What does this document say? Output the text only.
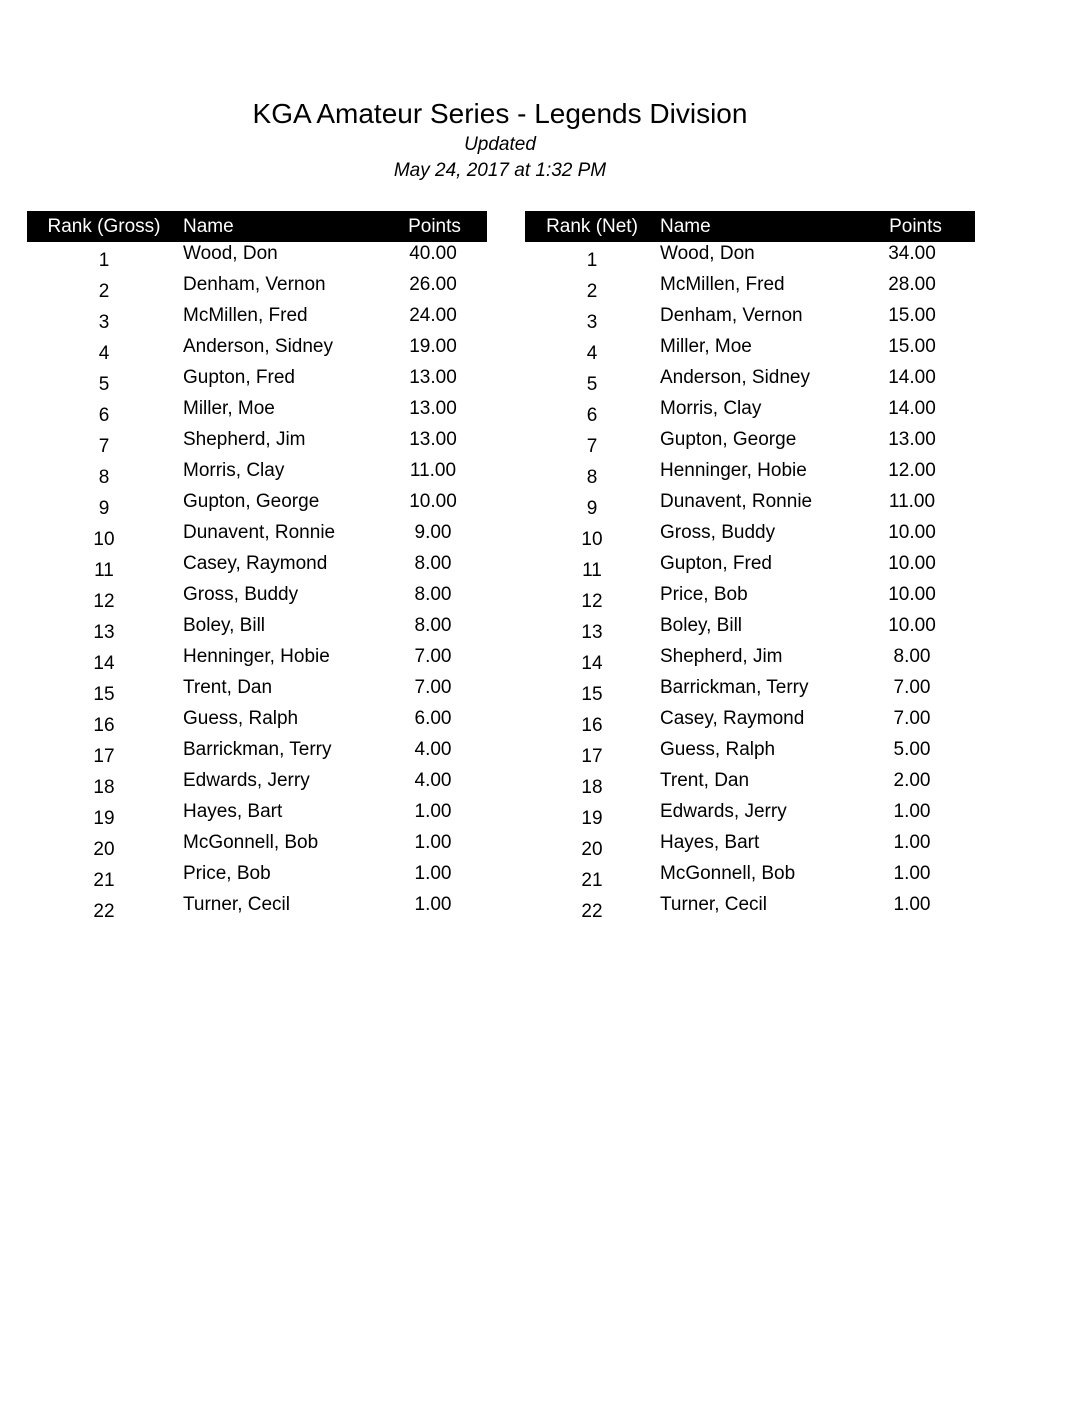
KGA Amateur Series - Legends Division
Updated
May 24, 2017 at 1:32 PM
Rank (Gross)	Name	Points
1	Wood, Don	40.00
2	Denham, Vernon	26.00
3	McMillen, Fred	24.00
4	Anderson, Sidney	19.00
5	Gupton, Fred	13.00
6	Miller, Moe	13.00
7	Shepherd, Jim	13.00
8	Morris, Clay	11.00
9	Gupton, George	10.00
10	Dunavent, Ronnie	9.00
11	Casey, Raymond	8.00
12	Gross, Buddy	8.00
13	Boley, Bill	8.00
14	Henninger, Hobie	7.00
15	Trent, Dan	7.00
16	Guess, Ralph	6.00
17	Barrickman, Terry	4.00
18	Edwards, Jerry	4.00
19	Hayes, Bart	1.00
20	McGonnell, Bob	1.00
21	Price, Bob	1.00
22	Turner, Cecil	1.00
Rank (Net)	Name	Points
1	Wood, Don	34.00
2	McMillen, Fred	28.00
3	Denham, Vernon	15.00
4	Miller, Moe	15.00
5	Anderson, Sidney	14.00
6	Morris, Clay	14.00
7	Gupton, George	13.00
8	Henninger, Hobie	12.00
9	Dunavent, Ronnie	11.00
10	Gross, Buddy	10.00
11	Gupton, Fred	10.00
12	Price, Bob	10.00
13	Boley, Bill	10.00
14	Shepherd, Jim	8.00
15	Barrickman, Terry	7.00
16	Casey, Raymond	7.00
17	Guess, Ralph	5.00
18	Trent, Dan	2.00
19	Edwards, Jerry	1.00
20	Hayes, Bart	1.00
21	McGonnell, Bob	1.00
22	Turner, Cecil	1.00
